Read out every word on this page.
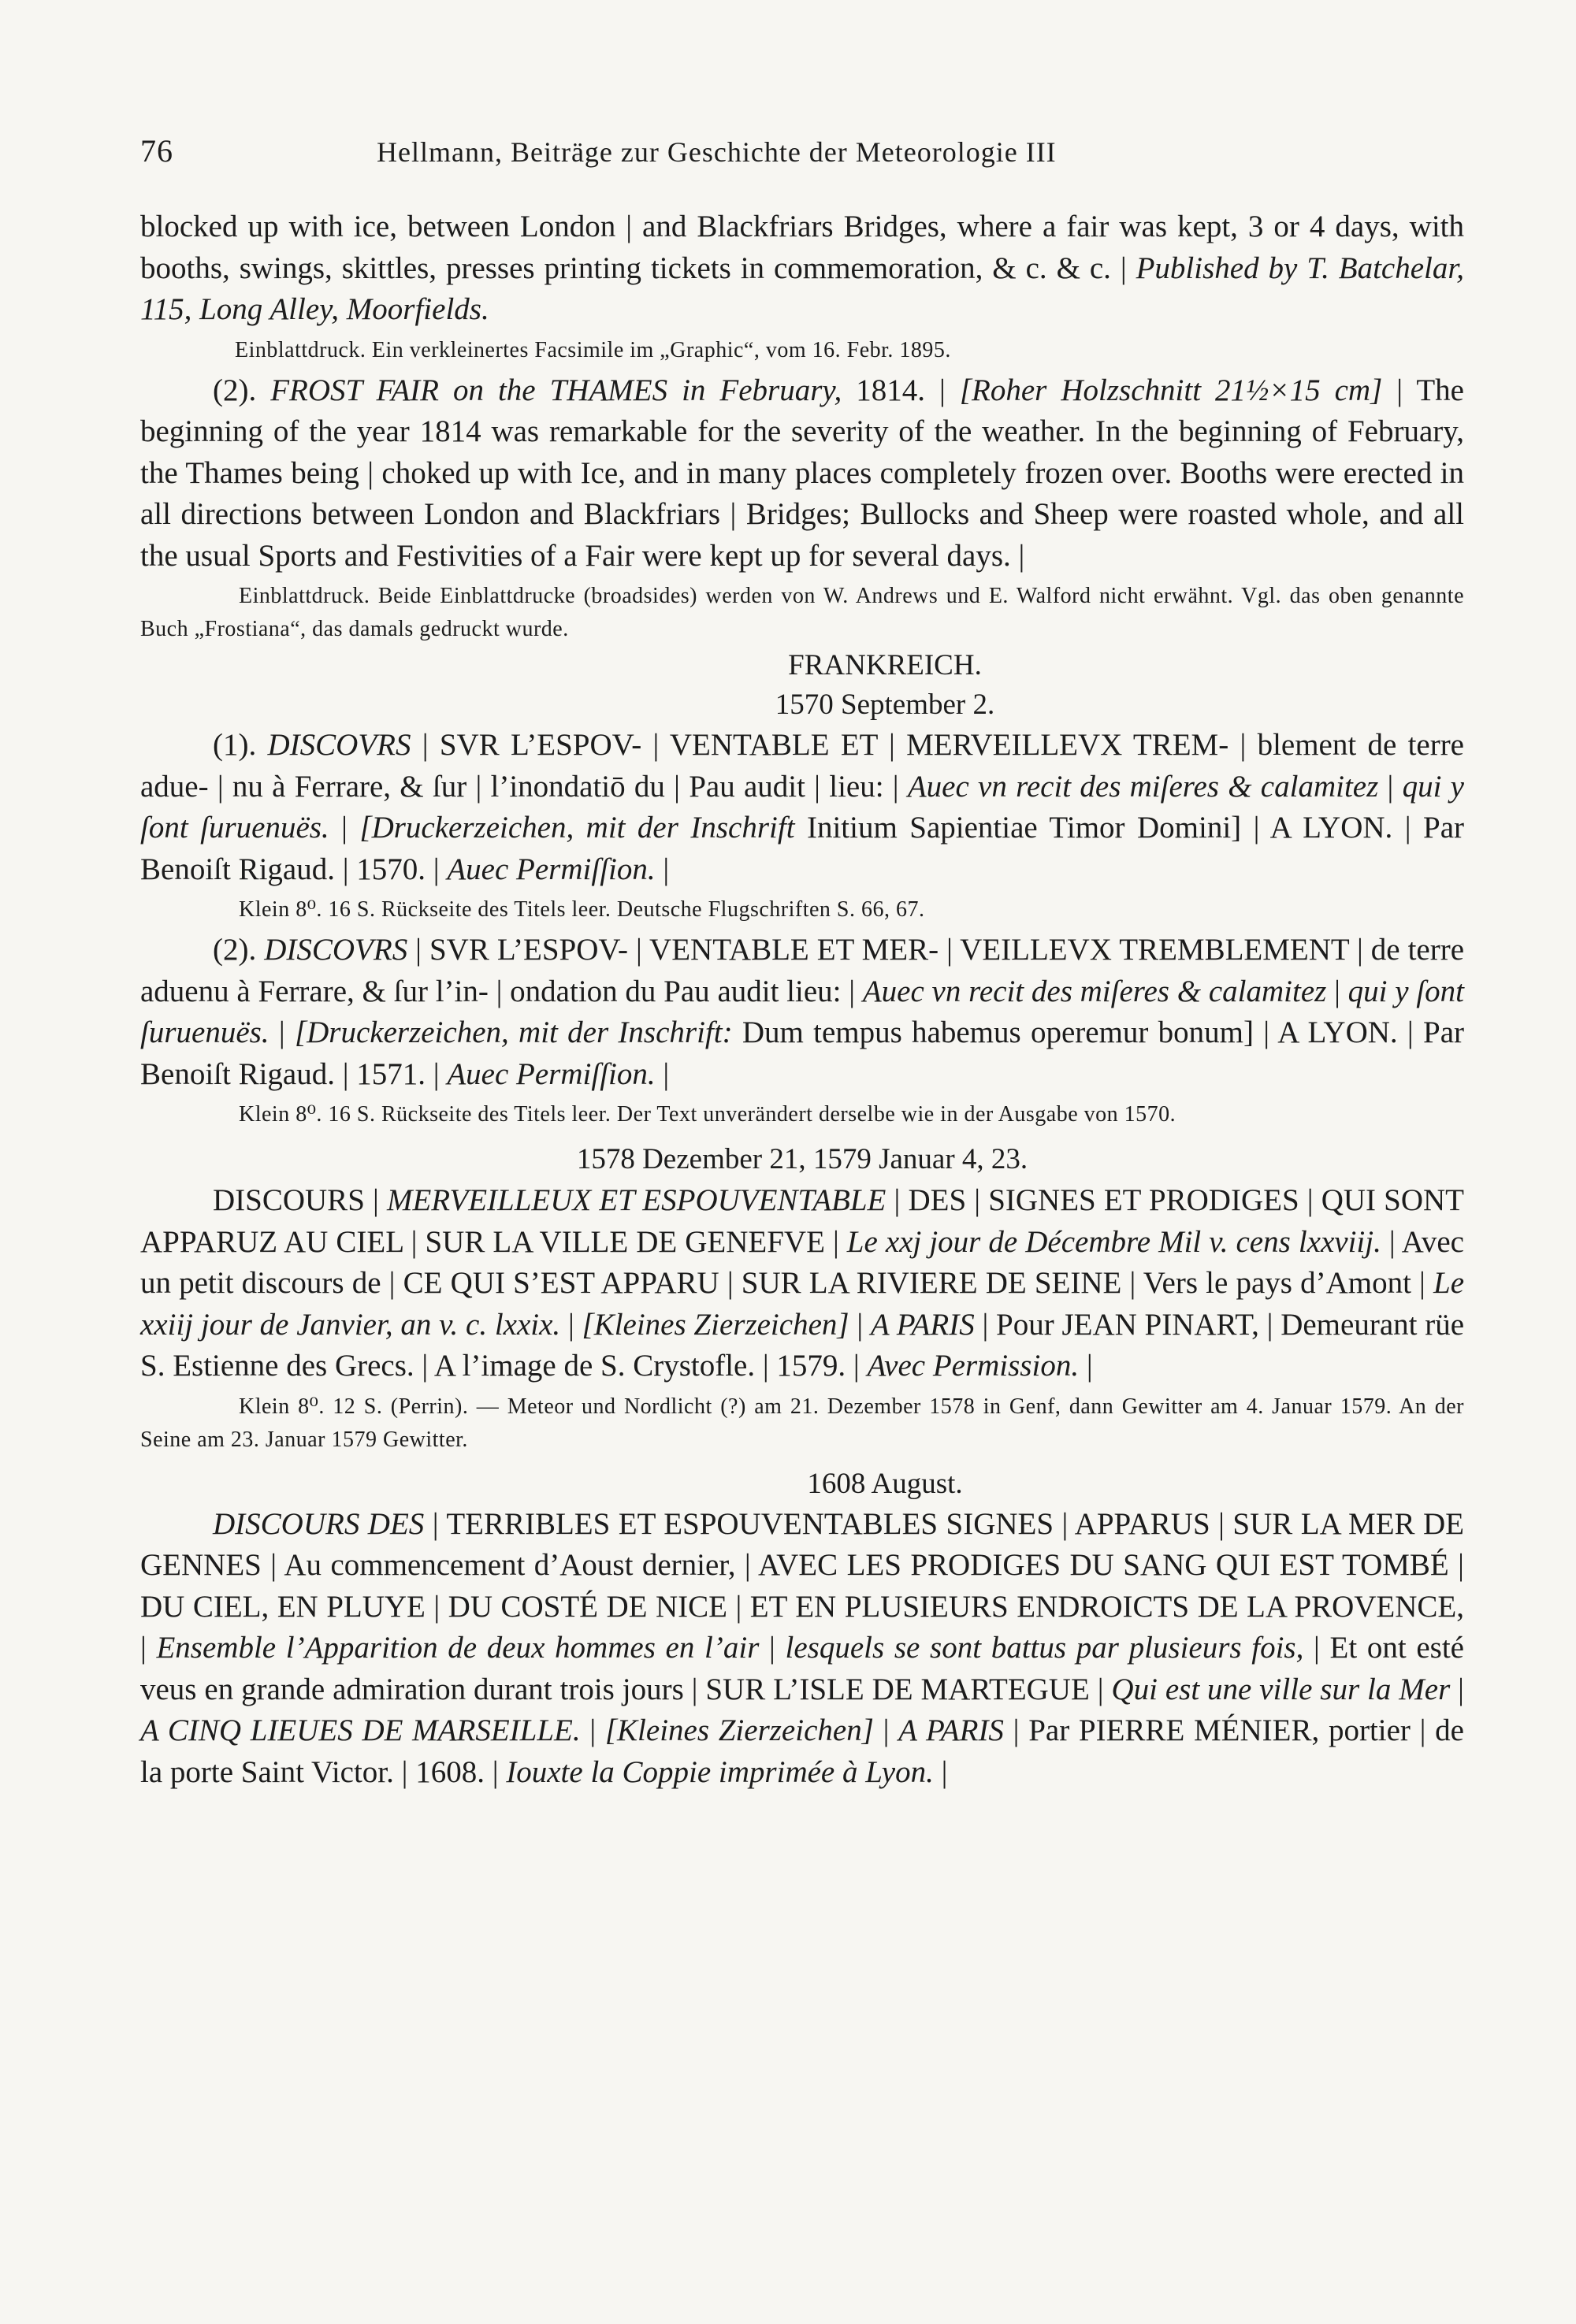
76	Hellmann, Beiträge zur Geschichte der Meteorologie III

blocked up with ice, between London | and Blackfriars Bridges, where a fair was kept, 3 or 4 days, with booths, swings, skittles, presses printing tickets in commemoration, & c. & c. | Published by T. Batchelar, 115, Long Alley, Moorfields.

Einblattdruck. Ein verkleinertes Facsimile im „Graphic“, vom 16. Febr. 1895.

(2). FROST FAIR on the THAMES in February, 1814. | [Roher Holzschnitt 21½×15 cm] | The beginning of the year 1814 was remarkable for the severity of the weather. In the beginning of February, the Thames being | choked up with Ice, and in many places completely frozen over. Booths were erected in all directions between London and Blackfriars | Bridges; Bullocks and Sheep were roasted whole, and all the usual Sports and Festivities of a Fair were kept up for several days. |

Einblattdruck. Beide Einblattdrucke (broadsides) werden von W. Andrews und E. Walford nicht erwähnt. Vgl. das oben genannte Buch „Frostiana“, das damals gedruckt wurde.

FRANKREICH.

1570 September 2.

(1). DISCOVRS | SVR L’ESPOV- | VENTABLE ET | MERVEILLEVX TREM- | blement de terre adue- | nu à Ferrare, & ſur | l’inondatiō du | Pau audit | lieu: | Auec vn recit des miſeres & calamitez | qui y ſont ſuruenuës. | [Druckerzeichen, mit der Inschrift Initium Sapientiae Timor Domini] | A LYON. | Par Benoiſt Rigaud. | 1570. | Auec Permiſſion. |

Klein 8⁰. 16 S. Rückseite des Titels leer. Deutsche Flugschriften S. 66, 67.

(2). DISCOVRS | SVR L’ESPOV- | VENTABLE ET MER- | VEILLEVX TREMBLEMENT | de terre aduenu à Ferrare, & ſur l’in- | ondation du Pau audit lieu: | Auec vn recit des miſeres & calamitez | qui y ſont ſuruenuës. | [Druckerzeichen, mit der Inschrift: Dum tempus habemus operemur bonum] | A LYON. | Par Benoiſt Rigaud. | 1571. | Auec Permiſſion. |

Klein 8⁰. 16 S. Rückseite des Titels leer. Der Text unverändert derselbe wie in der Ausgabe von 1570.

1578 Dezember 21, 1579 Januar 4, 23.

DISCOURS | MERVEILLEUX ET ESPOUVENTABLE | DES | SIGNES ET PRODIGES | QUI SONT APPARUZ AU CIEL | SUR LA VILLE DE GENEFVE | Le xxj jour de Décembre Mil v. cens lxxviij. | Avec un petit discours de | CE QUI S’EST APPARU | SUR LA RIVIERE DE SEINE | Vers le pays d’Amont | Le xxiij jour de Janvier, an v. c. lxxix. | [Kleines Zierzeichen] | A PARIS | Pour JEAN PINART, | Demeurant rüe S. Estienne des Grecs. | A l’image de S. Crystofle. | 1579. | Avec Permission. |

Klein 8⁰. 12 S. (Perrin). — Meteor und Nordlicht (?) am 21. Dezember 1578 in Genf, dann Gewitter am 4. Januar 1579. An der Seine am 23. Januar 1579 Gewitter.

1608 August.

DISCOURS DES | TERRIBLES ET ESPOUVENTABLES SIGNES | APPARUS | SUR LA MER DE GENNES | Au commencement d’Aoust dernier, | AVEC LES PRODIGES DU SANG QUI EST TOMBÉ | DU CIEL, EN PLUYE | DU COSTÉ DE NICE | ET EN PLUSIEURS ENDROICTS DE LA PROVENCE, | Ensemble l’Apparition de deux hommes en l’air | lesquels se sont battus par plusieurs fois, | Et ont esté veus en grande admiration durant trois jours | SUR L’ISLE DE MARTEGUE | Qui est une ville sur la Mer | A CINQ LIEUES DE MARSEILLE. | [Kleines Zierzeichen] | A PARIS | Par PIERRE MÉNIER, portier | de la porte Saint Victor. | 1608. | Iouxte la Coppie imprimée à Lyon. |
